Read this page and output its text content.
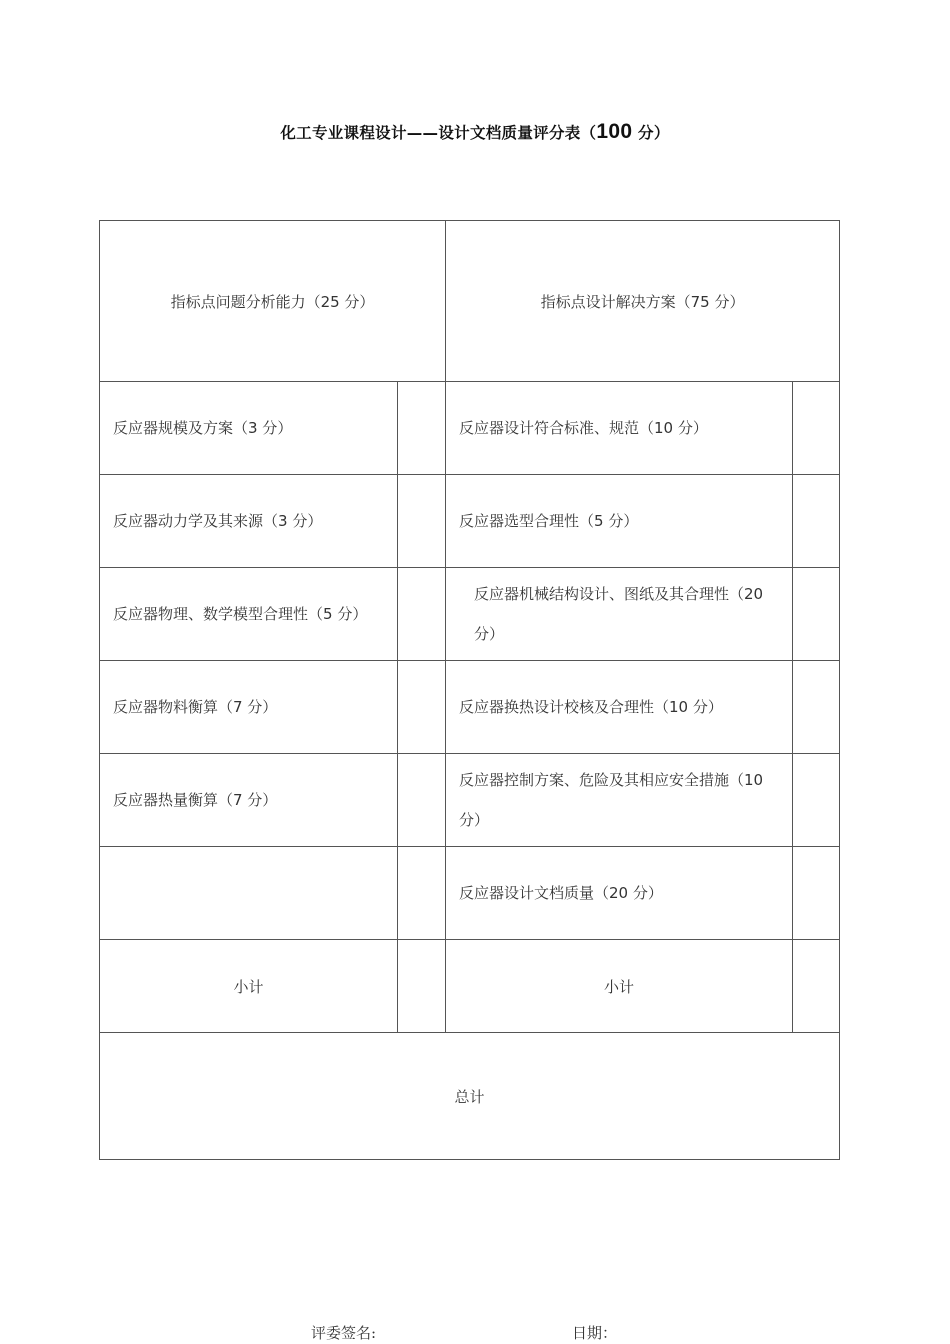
化工专业课程设计——设计文档质量评分表（100 分）
指标点问题分析能力（25 分）		指标点设计解决方案（75 分）	
反应器规模及方案（3 分）		反应器设计符合标准、规范（10 分）	
反应器动力学及其来源（3 分）		反应器选型合理性（5 分）	
反应器物理、数学模型合理性（5 分）		反应器机械结构设计、图纸及其合理性（20 分）	
反应器物料衡算（7 分）		反应器换热设计校核及合理性（10 分）	
反应器热量衡算（7 分）		反应器控制方案、危险及其相应安全措施（10 分）	
		反应器设计文档质量（20 分）	
小计		小计	
总计			
评委签名:	日期：
